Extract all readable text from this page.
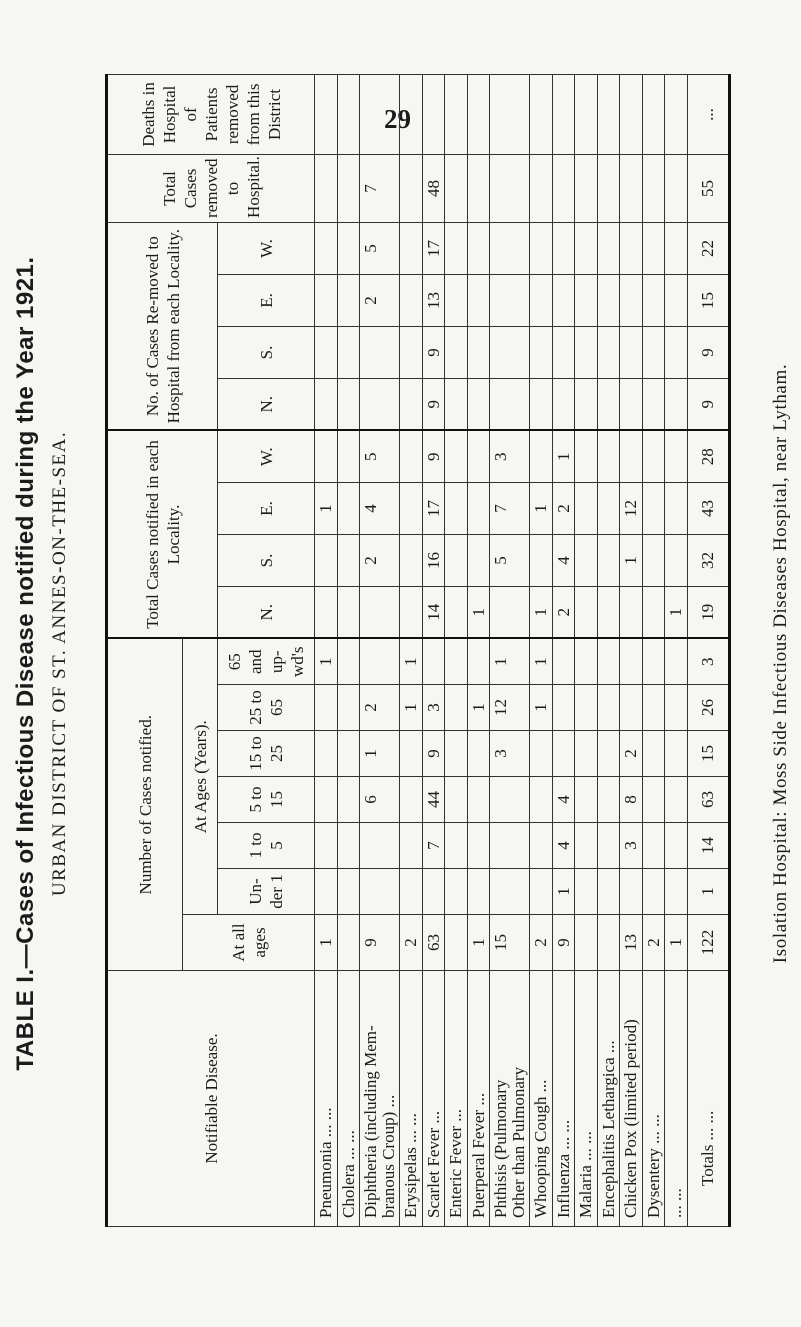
29
TABLE I.—Cases of Infectious Disease notified during the Year 1921. URBAN DISTRICT OF ST. ANNES-ON-THE-SEA.
Notifiable Disease.	Number of Cases notified.							Total Cases notified in each Locality.				No. of Cases Re-moved to Hospital from each Locality.				Total Cases removed to Hospital.	Deaths in Hospital of Patients removed from this District
	At all ages	At Ages (Years).															
		Un-der 1	1 to 5	5 to 15	15 to 25	25 to 65	65 and up-wd's	N.	S.	E.	W.	N.	S.	E.	W.		

Pneumonia ... ...	1						1			1							

Cholera ... ...																	

Diphtheria (including Mem-
branous Croup) ...	9			6	1	2			2	4	5			2	5	7	

Erysipelas ... ...	2					1	1										

Scarlet Fever ...	63		7	44	9	3		14	16	17	9	9	9	13	17	48	

Enteric Fever ...																	

Puerperal Fever ...	1					1		1									

Phthisis (Pulmonary
Other than Pulmonary	15				3	12	1		5	7	3						

Whooping Cough ...	2					1	1	1		1							

Influenza ... ...	9	1	4	4				2	4	2	1						

Malaria ... ...																	

Encephalitis Lethargica ...																	

Chicken Pox (limited period)	13		3	8	2				1	12							

Dysentery ... ...	2																

... ...	1							1									
Totals ... ...	122	1	14	63	15	26	3	19	32	43	28	9	9	15	22	55	...
Isolation Hospital: Moss Side Infectious Diseases Hospital, near Lytham.
